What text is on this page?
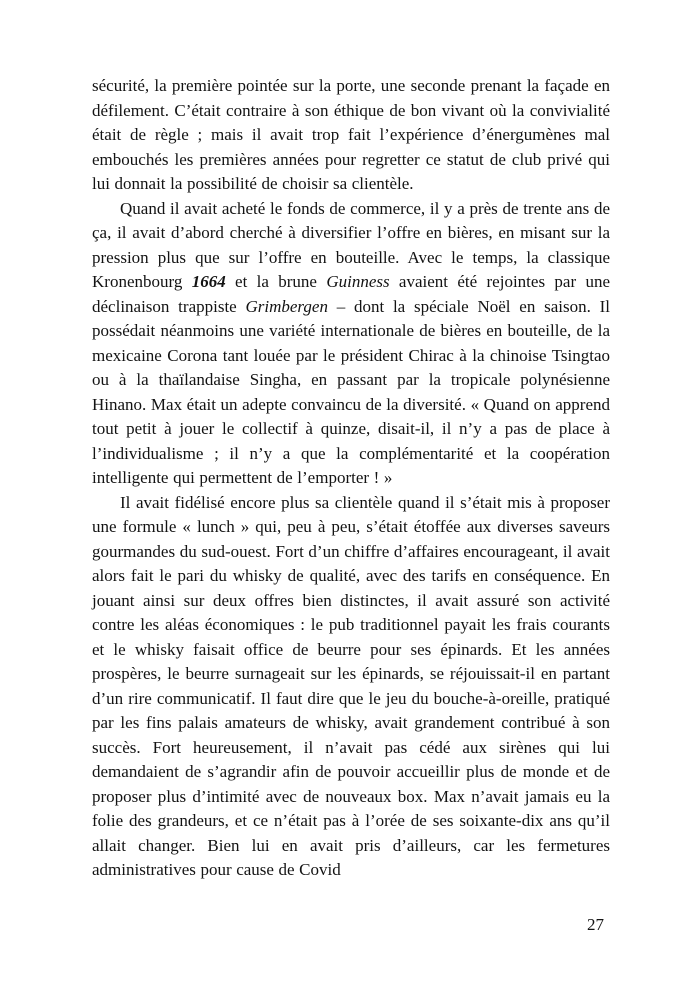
sécurité, la première pointée sur la porte, une seconde prenant la façade en défilement. C’était contraire à son éthique de bon vivant où la convivialité était de règle ; mais il avait trop fait l’expérience d’énergumènes mal embouchés les premières années pour regretter ce statut de club privé qui lui donnait la possibilité de choisir sa clientèle.

Quand il avait acheté le fonds de commerce, il y a près de trente ans de ça, il avait d’abord cherché à diversifier l’offre en bières, en misant sur la pression plus que sur l’offre en bouteille. Avec le temps, la classique Kronenbourg 1664 et la brune Guinness avaient été rejointes par une déclinaison trappiste Grimbergen – dont la spéciale Noël en saison. Il possédait néanmoins une variété internationale de bières en bouteille, de la mexicaine Corona tant louée par le président Chirac à la chinoise Tsingtao ou à la thaïlandaise Singha, en passant par la tropicale polynésienne Hinano. Max était un adepte convaincu de la diversité. « Quand on apprend tout petit à jouer le collectif à quinze, disait-il, il n’y a pas de place à l’individualisme ; il n’y a que la complémentarité et la coopération intelligente qui permettent de l’emporter ! »

Il avait fidélisé encore plus sa clientèle quand il s’était mis à proposer une formule « lunch » qui, peu à peu, s’était étoffée aux diverses saveurs gourmandes du sud-ouest. Fort d’un chiffre d’affaires encourageant, il avait alors fait le pari du whisky de qualité, avec des tarifs en conséquence. En jouant ainsi sur deux offres bien distinctes, il avait assuré son activité contre les aléas économiques : le pub traditionnel payait les frais courants et le whisky faisait office de beurre pour ses épinards. Et les années prospères, le beurre surnageait sur les épinards, se réjouissait-il en partant d’un rire communicatif. Il faut dire que le jeu du bouche-à-oreille, pratiqué par les fins palais amateurs de whisky, avait grandement contribué à son succès. Fort heureusement, il n’avait pas cédé aux sirènes qui lui demandaient de s’agrandir afin de pouvoir accueillir plus de monde et de proposer plus d’intimité avec de nouveaux box. Max n’avait jamais eu la folie des grandeurs, et ce n’était pas à l’orée de ses soixante-dix ans qu’il allait changer. Bien lui en avait pris d’ailleurs, car les fermetures administratives pour cause de Covid

27
